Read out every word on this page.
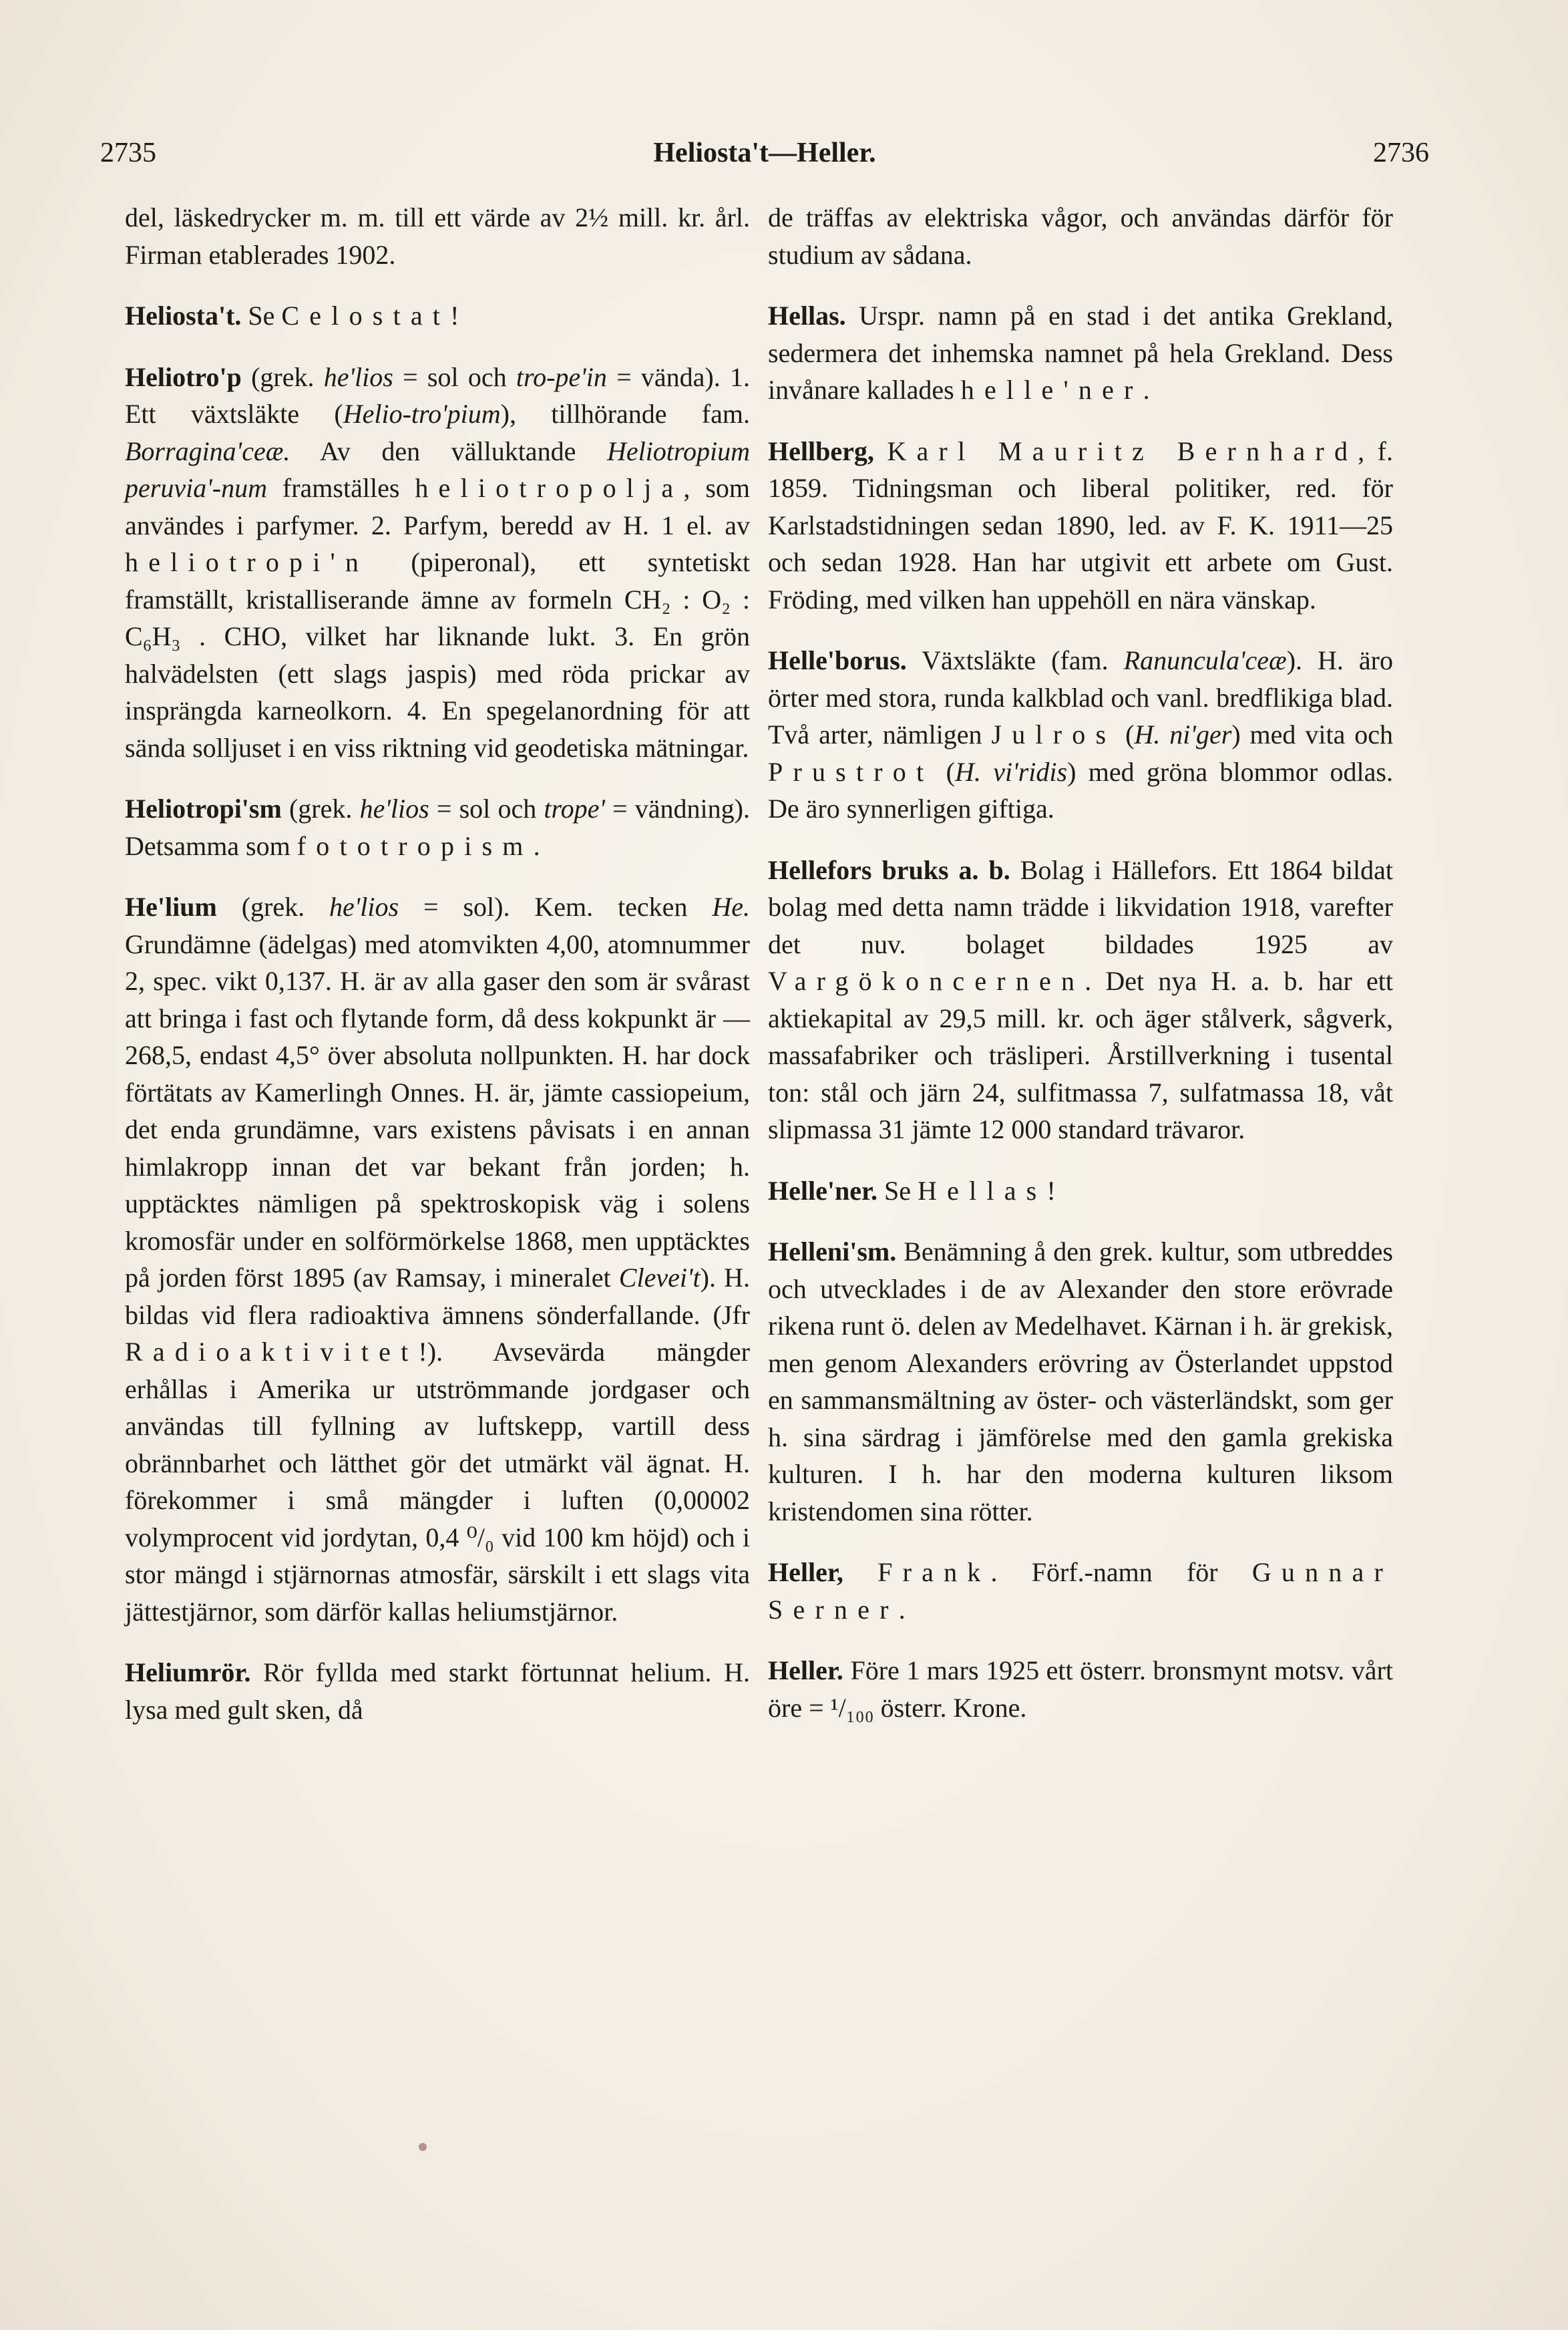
2735	Heliosta't—Heller.	2736

del, läskedrycker m. m. till ett värde av 2½ mill. kr. årl. Firman etablerades 1902.

Heliosta't. Se Celostat!

Heliotro'p (grek. he'lios = sol och tro-pe'in = vända). 1. Ett växtsläkte (Helio-tro'pium), tillhörande fam. Borragina'ceæ. Av den välluktande Heliotropium peruvia'-num framställes heliotropolja, som användes i parfymer. 2. Parfym, beredd av H. 1 el. av heliotropi'n (piperonal), ett syntetiskt framställt, kristalliserande ämne av formeln CH₂ : O₂ : C₆H₃ . CHO, vilket har liknande lukt. 3. En grön halvädelsten (ett slags jaspis) med röda prickar av insprängda karneolkorn. 4. En spegelanordning för att sända solljuset i en viss riktning vid geodetiska mätningar.

Heliotropi'sm (grek. he'lios = sol och trope' = vändning). Detsamma som fototropism.

He'lium (grek. he'lios = sol). Kem. tecken He. Grundämne (ädelgas) med atomvikten 4,00, atomnummer 2, spec. vikt 0,137. H. är av alla gaser den som är svårast att bringa i fast och flytande form, då dess kokpunkt är —268,5, endast 4,5° över absoluta nollpunkten. H. har dock förtätats av Kamerlingh Onnes. H. är, jämte cassiopeium, det enda grundämne, vars existens påvisats i en annan himlakropp innan det var bekant från jorden; h. upptäcktes nämligen på spektroskopisk väg i solens kromosfär under en solförmörkelse 1868, men upptäcktes på jorden först 1895 (av Ramsay, i mineralet Clevei't). H. bildas vid flera radioaktiva ämnens sönderfallande. (Jfr Radioaktivitet!). Avsevärda mängder erhållas i Amerika ur utströmmande jordgaser och användas till fyllning av luftskepp, vartill dess obrännbarhet och lätthet gör det utmärkt väl ägnat. H. förekommer i små mängder i luften (0,00002 volymprocent vid jordytan, 0,4 ⁰/₀ vid 100 km höjd) och i stor mängd i stjärnornas atmosfär, särskilt i ett slags vita jättestjärnor, som därför kallas heliumstjärnor.

Heliumrör. Rör fyllda med starkt förtunnat helium. H. lysa med gult sken, då

de träffas av elektriska vågor, och användas därför för studium av sådana.

Hellas. Urspr. namn på en stad i det antika Grekland, sedermera det inhemska namnet på hela Grekland. Dess invånare kallades helle'ner.

Hellberg, Karl Mauritz Bernhard, f. 1859. Tidningsman och liberal politiker, red. för Karlstadstidningen sedan 1890, led. av F. K. 1911—25 och sedan 1928. Han har utgivit ett arbete om Gust. Fröding, med vilken han uppehöll en nära vänskap.

Helle'borus. Växtsläkte (fam. Ranuncula'ceæ). H. äro örter med stora, runda kalkblad och vanl. bredflikiga blad. Två arter, nämligen Julros (H. ni'ger) med vita och Prustrot (H. vi'ridis) med gröna blommor odlas. De äro synnerligen giftiga.

Hellefors bruks a. b. Bolag i Hällefors. Ett 1864 bildat bolag med detta namn trädde i likvidation 1918, varefter det nuv. bolaget bildades 1925 av Vargökoncernen. Det nya H. a. b. har ett aktiekapital av 29,5 mill. kr. och äger stålverk, sågverk, massafabriker och träsliperi. Årstillverkning i tusental ton: stål och järn 24, sulfitmassa 7, sulfatmassa 18, våt slipmassa 31 jämte 12 000 standard trävaror.

Helle'ner. Se Hellas!

Helleni'sm. Benämning å den grek. kultur, som utbreddes och utvecklades i de av Alexander den store erövrade rikena runt ö. delen av Medelhavet. Kärnan i h. är grekisk, men genom Alexanders erövring av Österlandet uppstod en sammansmältning av öster- och västerländskt, som ger h. sina särdrag i jämförelse med den gamla grekiska kulturen. I h. har den moderna kulturen liksom kristendomen sina rötter.

Heller, Frank. Förf.-namn för Gunnar Serner.

Heller. Före 1 mars 1925 ett österr. bronsmynt motsv. vårt öre = ¹/₁₀₀ österr. Krone.
